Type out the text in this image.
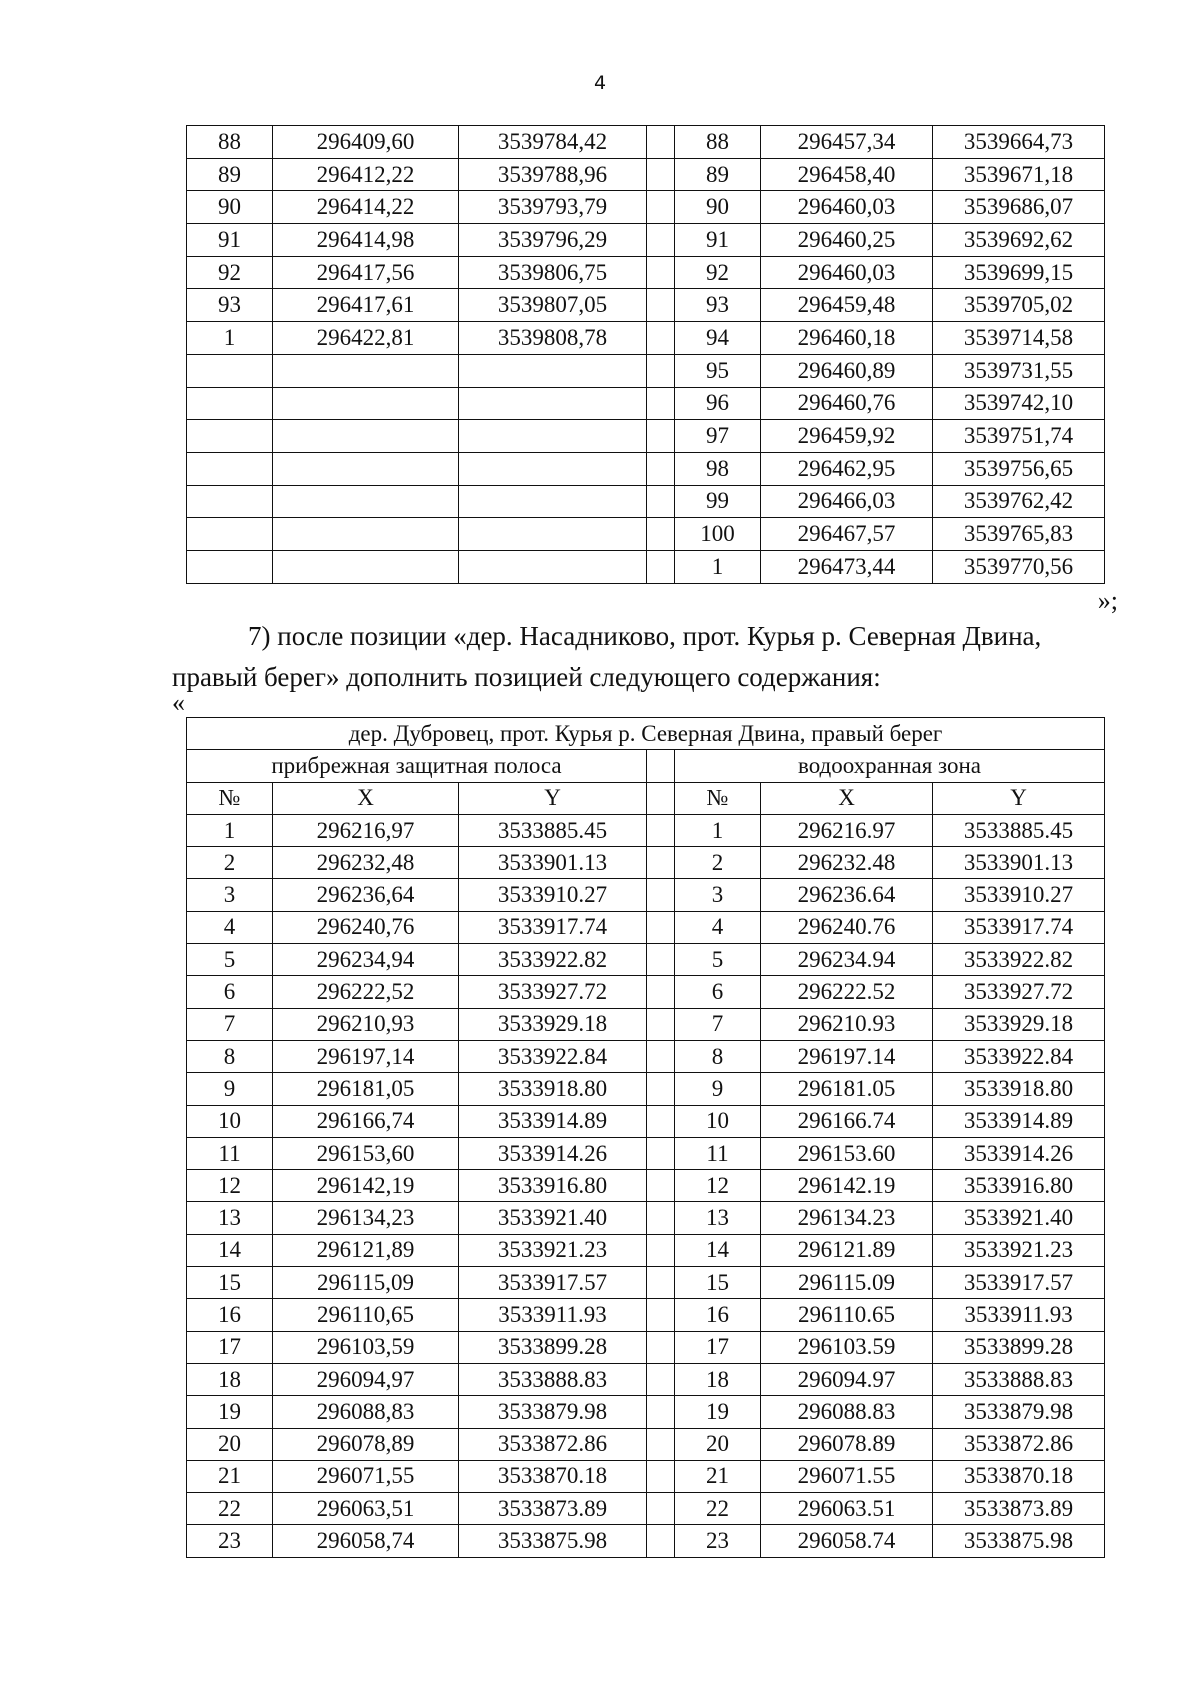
4
88	296409,60	3539784,42		88	296457,34	3539664,73
89	296412,22	3539788,96		89	296458,40	3539671,18
90	296414,22	3539793,79		90	296460,03	3539686,07
91	296414,98	3539796,29		91	296460,25	3539692,62
92	296417,56	3539806,75		92	296460,03	3539699,15
93	296417,61	3539807,05		93	296459,48	3539705,02
1	296422,81	3539808,78		94	296460,18	3539714,58
				95	296460,89	3539731,55
				96	296460,76	3539742,10
				97	296459,92	3539751,74
				98	296462,95	3539756,65
				99	296466,03	3539762,42
				100	296467,57	3539765,83
				1	296473,44	3539770,56
»;
7) после позиции «дер. Насадниково, прот. Курья р. Северная Двина,
правый берег» дополнить позицией следующего содержания:
«
дер. Дубровец, прот. Курья р. Северная Двина, правый берег						
прибрежная защитная полоса				водоохранная зона		
№	X	Y		№	X	Y
1	296216,97	3533885.45		1	296216.97	3533885.45
2	296232,48	3533901.13		2	296232.48	3533901.13
3	296236,64	3533910.27		3	296236.64	3533910.27
4	296240,76	3533917.74		4	296240.76	3533917.74
5	296234,94	3533922.82		5	296234.94	3533922.82
6	296222,52	3533927.72		6	296222.52	3533927.72
7	296210,93	3533929.18		7	296210.93	3533929.18
8	296197,14	3533922.84		8	296197.14	3533922.84
9	296181,05	3533918.80		9	296181.05	3533918.80
10	296166,74	3533914.89		10	296166.74	3533914.89
11	296153,60	3533914.26		11	296153.60	3533914.26
12	296142,19	3533916.80		12	296142.19	3533916.80
13	296134,23	3533921.40		13	296134.23	3533921.40
14	296121,89	3533921.23		14	296121.89	3533921.23
15	296115,09	3533917.57		15	296115.09	3533917.57
16	296110,65	3533911.93		16	296110.65	3533911.93
17	296103,59	3533899.28		17	296103.59	3533899.28
18	296094,97	3533888.83		18	296094.97	3533888.83
19	296088,83	3533879.98		19	296088.83	3533879.98
20	296078,89	3533872.86		20	296078.89	3533872.86
21	296071,55	3533870.18		21	296071.55	3533870.18
22	296063,51	3533873.89		22	296063.51	3533873.89
23	296058,74	3533875.98		23	296058.74	3533875.98
